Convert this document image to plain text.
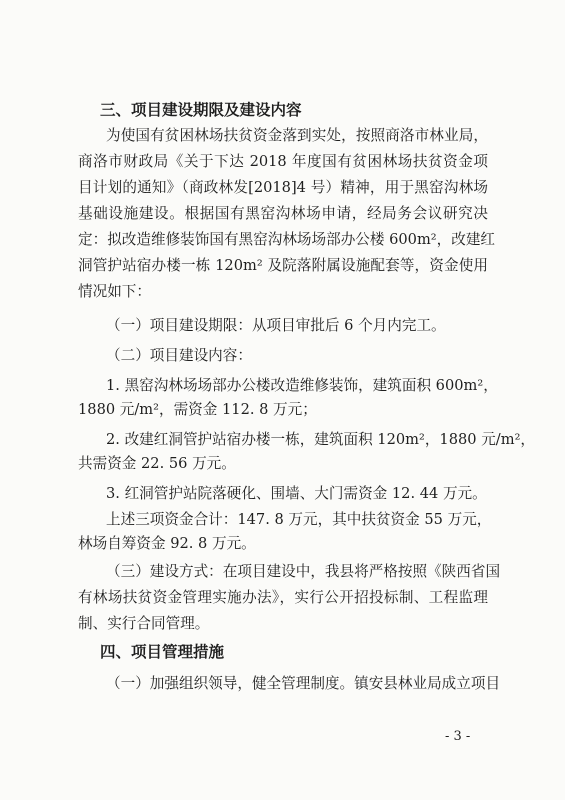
三、项目建设期限及建设内容
为使国有贫困林场扶贫资金落到实处，按照商洛市林业局，
商洛市财政局《关于下达 2018 年度国有贫困林场扶贫资金项
目计划的通知》（商政林发[2018]4 号）精神，用于黑窑沟林场
基础设施建设。根据国有黑窑沟林场申请，经局务会议研究决
定：拟改造维修装饰国有黑窑沟林场场部办公楼 600m²，改建红
洞管护站宿办楼一栋 120m² 及院落附属设施配套等，资金使用
情况如下：
（一）项目建设期限：从项目审批后 6 个月内完工。
（二）项目建设内容：
1. 黑窑沟林场场部办公楼改造维修装饰，建筑面积 600m²，
1880 元/m²，需资金 112. 8 万元；
2. 改建红洞管护站宿办楼一栋，建筑面积 120m²，1880 元/m²，
共需资金 22. 56 万元。
3. 红洞管护站院落硬化、围墙、大门需资金 12. 44 万元。
上述三项资金合计：147. 8 万元，其中扶贫资金 55 万元，
林场自筹资金 92. 8 万元。
（三）建设方式：在项目建设中，我县将严格按照《陕西省国
有林场扶贫资金管理实施办法》，实行公开招投标制、工程监理
制、实行合同管理。
四、项目管理措施
（一）加强组织领导，健全管理制度。镇安县林业局成立项目
- 3 -
